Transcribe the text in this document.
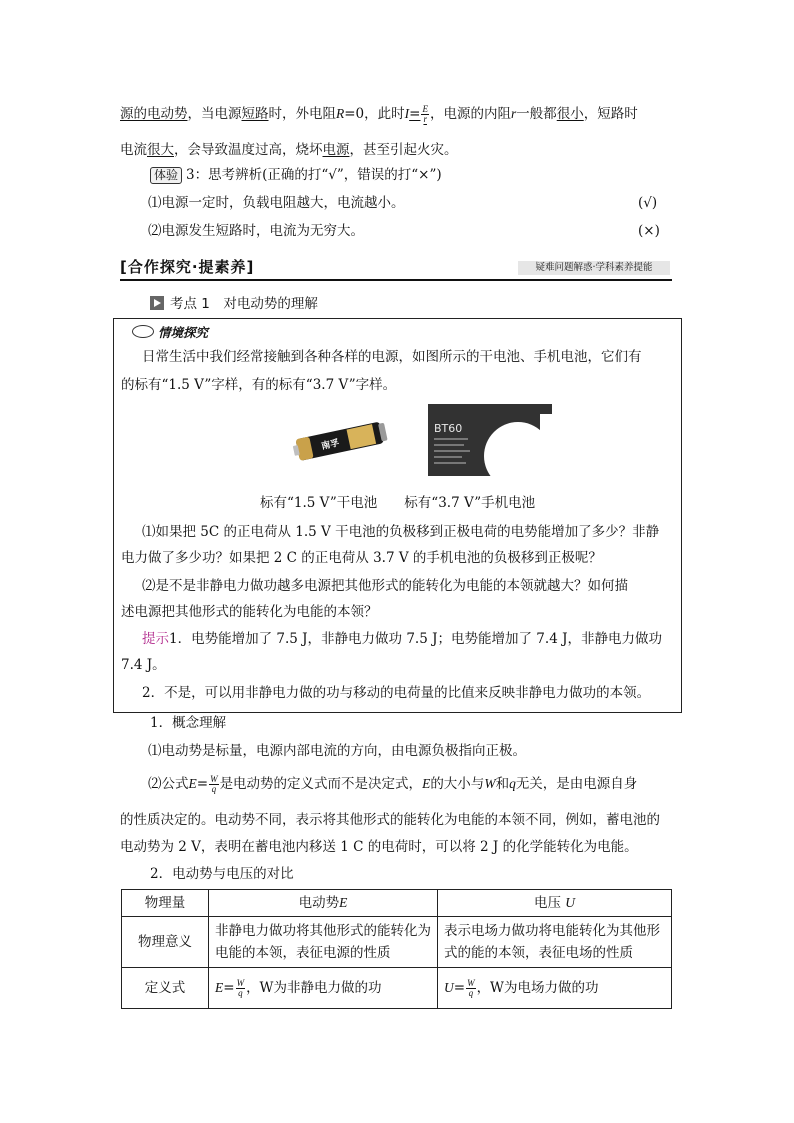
源的电动势，当电源短路时，外电阻R=0，此时$I= \frac{E}{r}$ ，电源的内阻r一般都很小，短路时
电流很大，会导致温度过高，烧坏电源，甚至引起火灾。
体验 3：思考辨析(正确的打“√”，错误的打“×”)
⑴电源一定时，负载电阻越大，电流越小。	(√)
⑵电源发生短路时，电流为无穷大。	(×)
[合作探究·提素养]	疑难问题解惑·学科素养提能
考点 1　对电动势的理解
情境探究
日常生活中我们经常接触到各种各样的电源，如图所示的干电池、手机电池，它们有
的标有“1.5 V”字样，有的标有“3.7 V”字样。
南孚
BT60
标有“1.5 V”干电池　　标有“3.7 V”手机电池
⑴如果把 5C 的正电荷从 1.5 V 干电池的负极移到正极电荷的电势能增加了多少？非静
电力做了多少功？如果把 2 C 的正电荷从 3.7 V 的手机电池的负极移到正极呢？
⑵是不是非静电力做功越多电源把其他形式的能转化为电能的本领就越大？如何描
述电源把其他形式的能转化为电能的本领？
提示1．电势能增加了 7.5 J，非静电力做功 7.5 J；电势能增加了 7.4 J，非静电力做功
7.4 J。
2．不是，可以用非静电力做的功与移动的电荷量的比值来反映非静电力做功的本领。
1．概念理解
⑴电动势是标量，电源内部电流的方向，由电源负极指向正极。
⑵公式$E= \frac{W}{q}$ 是电动势的定义式而不是决定式，E的大小与W和q无关，是由电源自身
的性质决定的。电动势不同，表示将其他形式的能转化为电能的本领不同，例如，蓄电池的
电动势为 2 V，表明在蓄电池内移送 1 C 的电荷时，可以将 2 J 的化学能转化为电能。
2．电动势与电压的对比
物理量	电动势E	电压 U
物理意义	非静电力做功将其他形式的能转化为电能的本领，表征电源的性质	表示电场力做功将电能转化为其他形式的能的本领，表征电场的性质
定义式	$E= \frac{W}{q}$ ，W为非静电力做的功	$U= \frac{W}{q}$ ，W为电场力做的功
